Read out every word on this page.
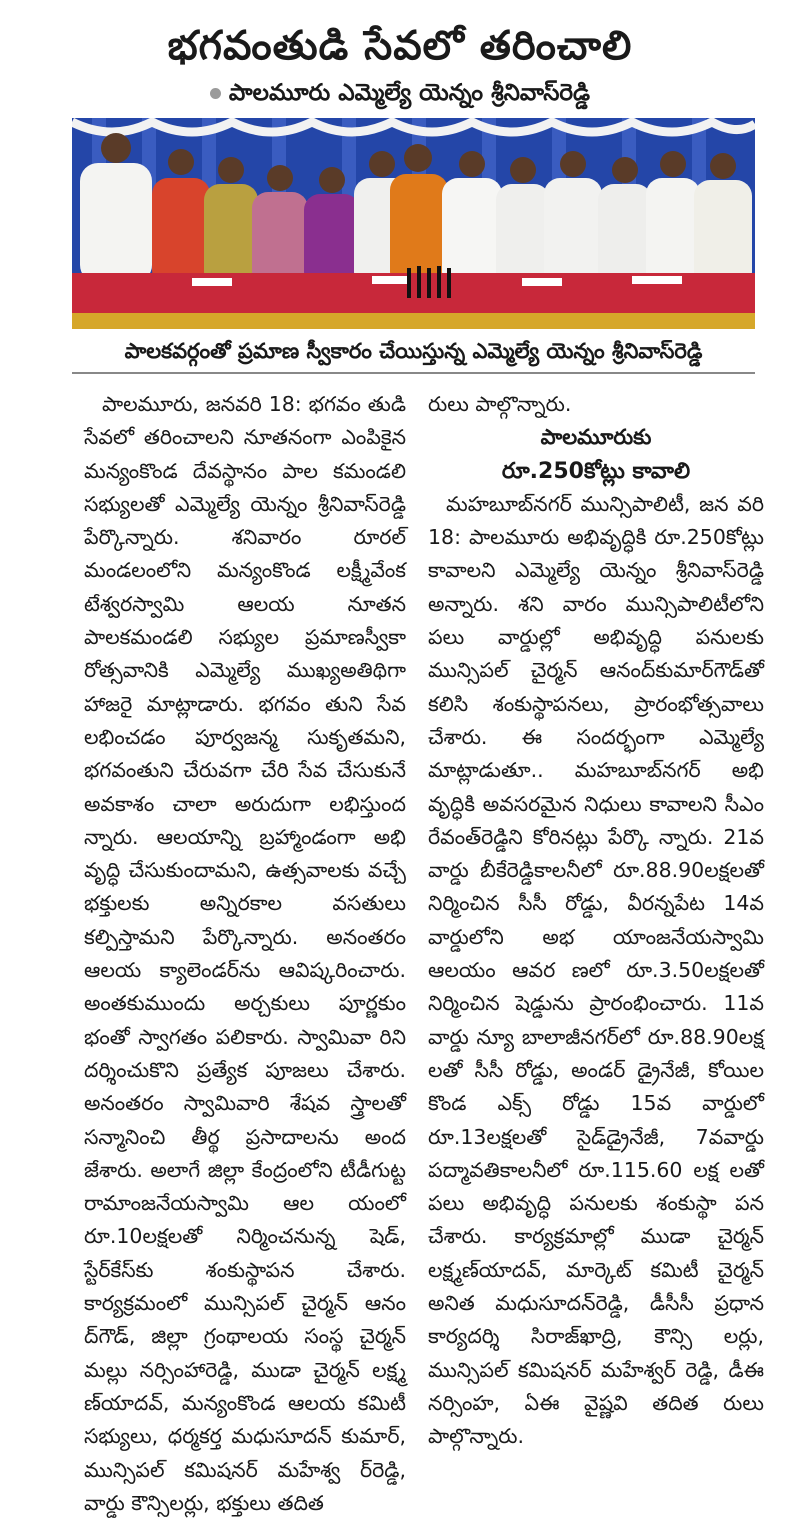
భగవంతుడి సేవలో తరించాలి
పాలమూరు ఎమ్మెల్యే యెన్నం శ్రీనివాస్‌రెడ్డి
పాలకవర్గంతో ప్రమాణ స్వీకారం చేయిస్తున్న ఎమ్మెల్యే యెన్నం శ్రీనివాస్‌రెడ్డి

పాలమూరు, జనవరి 18: భగవం తుడి సేవలో తరించాలని నూతనంగా ఎంపికైన మన్యంకొండ దేవస్థానం పాల కమండలి సభ్యులతో ఎమ్మెల్యే యెన్నం శ్రీనివాస్‌రెడ్డి పేర్కొన్నారు. శనివారం రూరల్ మండలంలోని మన్యంకొండ లక్ష్మీవేంక టేశ్వరస్వామి ఆలయ నూతన పాలకమండలి సభ్యుల ప్రమాణస్వీకా రోత్సవానికి ఎమ్మెల్యే ముఖ్యఅతిథిగా హాజరై మాట్లాడారు. భగవం తుని సేవ లభించడం పూర్వజన్మ సుకృతమని, భగవంతుని చేరువగా చేరి సేవ చేసుకునే అవకాశం చాలా అరుదుగా లభిస్తుంద న్నారు. ఆలయాన్ని బ్రహ్మాండంగా అభి వృద్ధి చేసుకుందామని, ఉత్సవాలకు వచ్చే భక్తులకు అన్నిరకాల వసతులు కల్పిస్తామని పేర్కొన్నారు. అనంతరం ఆలయ క్యాలెండర్‌ను ఆవిష్కరించారు. అంతకుముందు అర్చకులు పూర్ణకుం భంతో స్వాగతం పలికారు. స్వామివా రిని దర్శించుకొని ప్రత్యేక పూజలు చేశారు. అనంతరం స్వామివారి శేషవ స్త్రాలతో సన్మానించి తీర్థ ప్రసాదాలను అంద జేశారు. అలాగే జిల్లా కేంద్రంలోని టీడీగుట్ట రామాంజనేయస్వామి ఆల యంలో రూ.10లక్షలతో నిర్మించనున్న షెడ్, స్టేర్‌కేస్‌కు శంకుస్థాపన చేశారు. కార్యక్రమంలో మున్సిపల్ చైర్మన్ ఆనం ద్‌గౌడ్, జిల్లా గ్రంథాలయ సంస్థ చైర్మన్ మల్లు నర్సింహారెడ్డి, ముడా చైర్మన్ లక్ష్మ ణ్‌యాదవ్, మన్యంకొండ ఆలయ కమిటీ సభ్యులు, ధర్మకర్త మధుసూదన్ కుమార్, మున్సిపల్ కమిషనర్ మహేశ్వ ర్‌రెడ్డి, వార్డు కౌన్సిలర్లు, భక్తులు తదిత

రులు పాల్గొన్నారు.

పాలమూరుకు
రూ.250కోట్లు కావాలి

మహబూబ్‌నగర్ మున్సిపాలిటీ, జన వరి 18: పాలమూరు అభివృద్ధికి రూ.250కోట్లు కావాలని ఎమ్మెల్యే యెన్నం శ్రీనివాస్‌రెడ్డి అన్నారు. శని వారం మున్సిపాలిటీలోని పలు వార్డుల్లో అభివృద్ధి పనులకు మున్సిపల్ చైర్మన్ ఆనంద్‌కుమార్‌గౌడ్‌తో కలిసి శంకుస్థాపనలు, ప్రారంభోత్సవాలు చేశారు. ఈ సందర్భంగా ఎమ్మెల్యే మాట్లాడుతూ.. మహబూబ్‌నగర్ అభి వృద్ధికి అవసరమైన నిధులు కావాలని సీఎం రేవంత్‌రెడ్డిని కోరినట్లు పేర్కొ న్నారు. 21వ వార్డు బీకేరెడ్డికాలనీలో రూ.88.90లక్షలతో నిర్మించిన సీసీ రోడ్డు, వీరన్నపేట 14వ వార్డులోని అభ యాంజనేయస్వామి ఆలయం ఆవర ణలో రూ.3.50లక్షలతో నిర్మించిన షెడ్డును ప్రారంభించారు. 11వ వార్డు న్యూ బాలాజీనగర్‌లో రూ.88.90లక్ష లతో సీసీ రోడ్డు, అండర్ డ్రైనేజీ, కోయిల కొండ ఎక్స్ రోడ్డు 15వ వార్డులో రూ.13లక్షలతో సైడ్‌డ్రైనేజీ, 7వవార్డు పద్మావతికాలనీలో రూ.115.60 లక్ష లతో పలు అభివృద్ధి పనులకు శంకుస్థా పన చేశారు. కార్యక్రమాల్లో ముడా చైర్మన్ లక్ష్మణ్‌యాదవ్, మార్కెట్ కమిటీ చైర్మన్ అనిత మధుసూదన్‌రెడ్డి, డీసీసీ ప్రధాన కార్యదర్శి సిరాజ్‌ఖాద్రి, కౌన్సి లర్లు, మున్సిపల్ కమిషనర్ మహేశ్వర్ రెడ్డి, డీఈ నర్సింహ, ఏఈ వైష్ణవి తదిత రులు పాల్గొన్నారు.
